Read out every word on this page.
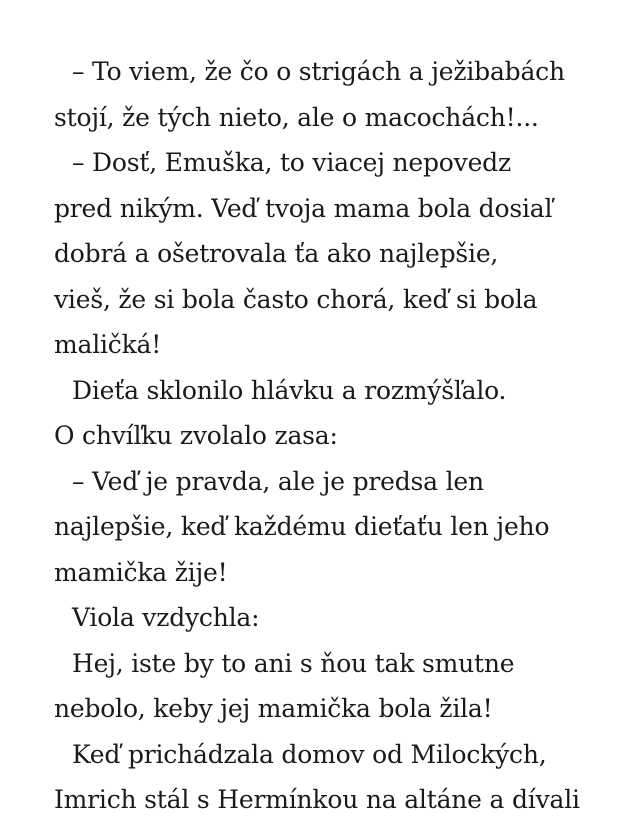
– To viem, že čo o strigách a ježibabách
stojí, že tých nieto, ale o macochách!...
– Dosť, Emuška, to viacej nepovedz
pred nikým. Veď tvoja mama bola dosiaľ
dobrá a ošetrovala ťa ako najlepšie,
vieš, že si bola často chorá, keď si bola
maličká!
Dieťa sklonilo hlávku a rozmýšľalo.
O chvíľku zvolalo zasa:
– Veď je pravda, ale je predsa len
najlepšie, keď každému dieťaťu len jeho
mamička žije!
Viola vzdychla:
Hej, iste by to ani s ňou tak smutne
nebolo, keby jej mamička bola žila!
Keď prichádzala domov od Milockých,
Imrich stál s Hermínkou na altáne a dívali
